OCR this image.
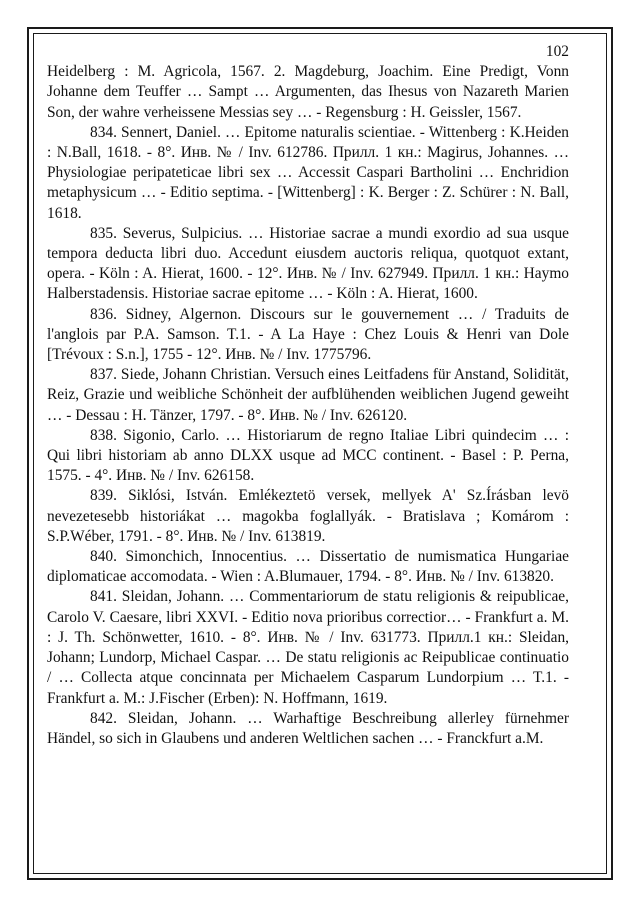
102

Heidelberg : M. Agricola, 1567. 2. Magdeburg, Joachim. Eine Predigt, Vonn Johanne dem Teuffer … Sampt … Argumenten, das Ihesus von Nazareth Marien Son, der wahre verheissene Messias sey … - Regensburg : H. Geissler, 1567.

834. Sennert, Daniel. … Epitome naturalis scientiae. - Wittenberg : K.Heiden : N.Ball, 1618. - 8°. Инв. № / Inv. 612786. Прилл. 1 кн.: Magirus, Johannes. … Physiologiae peripateticae libri sex … Accessit Caspari Bartholini … Enchridion metaphysicum … - Editio septima. - [Wittenberg] : K. Berger : Z. Schürer : N. Ball, 1618.

835. Severus, Sulpicius. … Historiae sacrae a mundi exordio ad sua usque tempora deducta libri duo. Accedunt eiusdem auctoris reliqua, quotquot extant, opera. - Köln : A. Hierat, 1600. - 12°. Инв. № / Inv. 627949. Прилл. 1 кн.: Haymo Halberstadensis. Historiae sacrae epitome … - Köln : A. Hierat, 1600.

836. Sidney, Algernon. Discours sur le gouvernement … / Traduits de l'anglois par P.A. Samson. T.1. - A La Haye : Chez Louis & Henri van Dole [Trévoux : S.n.], 1755 - 12°. Инв. № / Inv. 1775796.

837. Siede, Johann Christian. Versuch eines Leitfadens für Anstand, Solidität, Reiz, Grazie und weibliche Schönheit der aufblühenden weiblichen Jugend geweiht … - Dessau : H. Tänzer, 1797. - 8°. Инв. № / Inv. 626120.

838. Sigonio, Carlo. … Historiarum de regno Italiae Libri quindecim … : Qui libri historiam ab anno DLXX usque ad MCC continent. - Basel : P. Perna, 1575. - 4°. Инв. № / Inv. 626158.

839. Siklósi, István. Emlékeztetö versek, mellyek A' Sz.Írásban levö nevezetesebb historiákat … magokba foglallyák. - Bratislava ; Komárom : S.P.Wéber, 1791. - 8°. Инв. № / Inv. 613819.

840. Simonchich, Innocentius. … Dissertatio de numismatica Hungariae diplomaticae accomodata. - Wien : A.Blumauer, 1794. - 8°. Инв. № / Inv. 613820.

841. Sleidan, Johann. … Commentariorum de statu religionis & reipublicae, Carolo V. Caesare, libri XXVI. - Editio nova prioribus correctior… - Frankfurt a. M. : J. Th. Schönwetter, 1610. - 8°. Инв. № / Inv. 631773. Прилл.1 кн.: Sleidan, Johann; Lundorp, Michael Caspar. … De statu religionis ac Reipublicae continuatio / … Collecta atque concinnata per Michaelem Casparum Lundorpium … T.1. - Frankfurt a. M.: J.Fischer (Erben): N. Hoffmann, 1619.

842. Sleidan, Johann. … Warhaftige Beschreibung allerley fürnehmer Händel, so sich in Glaubens und anderen Weltlichen sachen … - Franckfurt a.M.
